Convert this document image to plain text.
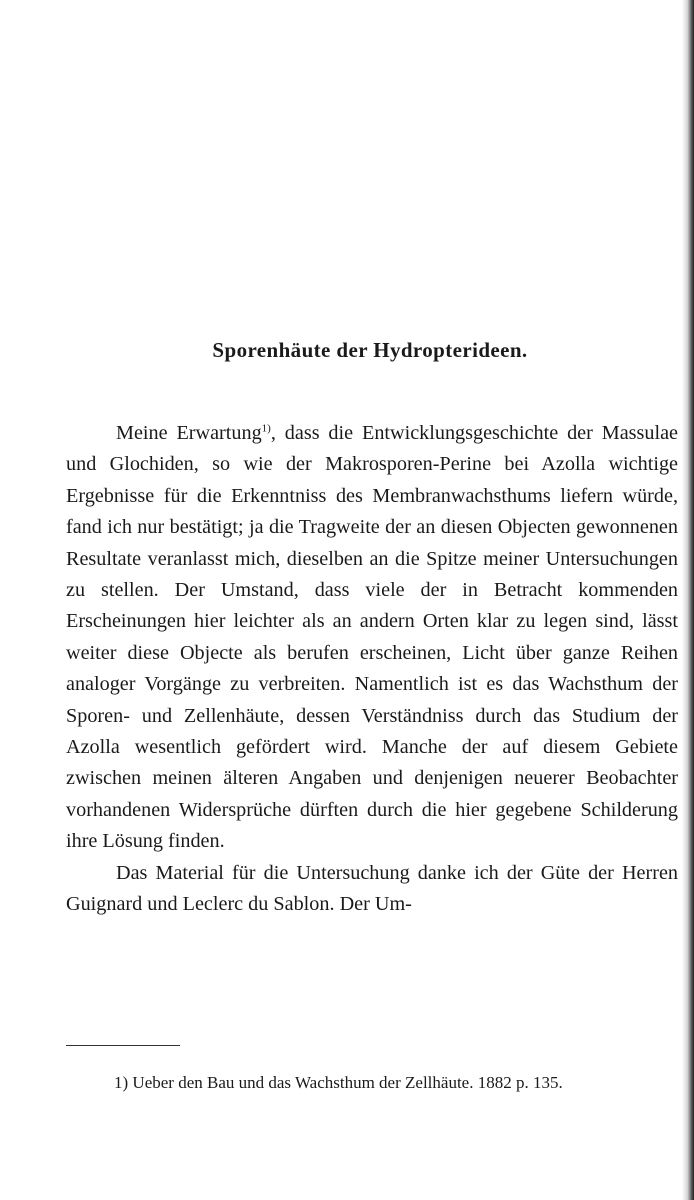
Sporenhäute der Hydropterideen.

Meine Erwartung$^{1)}$, dass die Entwicklungsgeschichte der Massulae und Glochiden, so wie der Makrosporen-Perine bei Azolla wichtige Ergebnisse für die Erkenntniss des Membranwachsthums liefern würde, fand ich nur bestätigt; ja die Tragweite der an diesen Objecten gewonnenen Resultate veranlasst mich, dieselben an die Spitze meiner Untersuchungen zu stellen. Der Umstand, dass viele der in Betracht kommenden Erscheinungen hier leichter als an andern Orten klar zu legen sind, lässt weiter diese Objecte als berufen erscheinen, Licht über ganze Reihen analoger Vorgänge zu verbreiten. Namentlich ist es das Wachsthum der Sporen- und Zellenhäute, dessen Verständniss durch das Studium der Azolla wesentlich gefördert wird. Manche der auf diesem Gebiete zwischen meinen älteren Angaben und denjenigen neuerer Beobachter vorhandenen Widersprüche dürften durch die hier gegebene Schilderung ihre Lösung finden.

Das Material für die Untersuchung danke ich der Güte der Herren Guignard und Leclerc du Sablon. Der Um-

1) Ueber den Bau und das Wachsthum der Zellhäute. 1882 p. 135.
